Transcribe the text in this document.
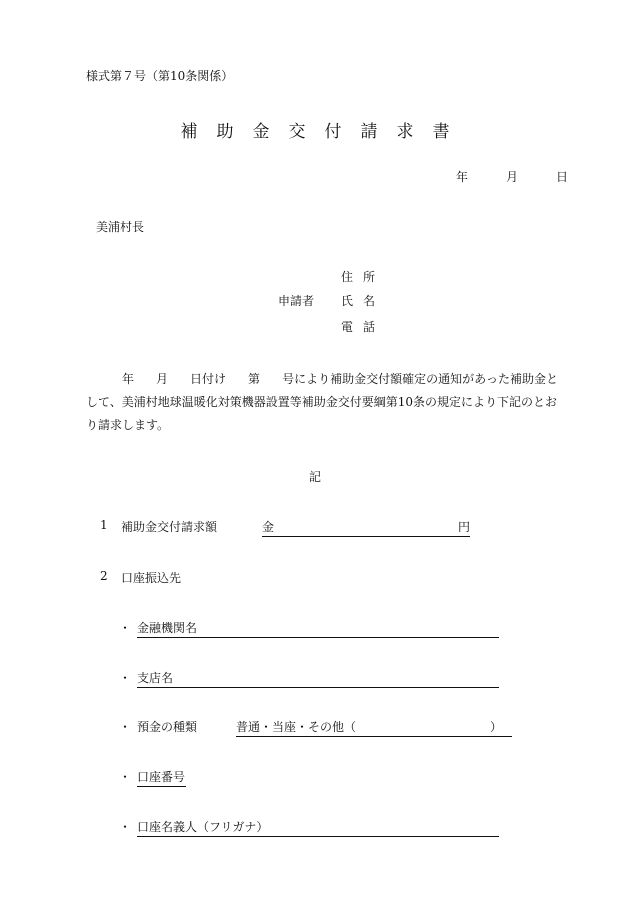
様式第７号（第10条関係）
補助金交付請求書
年	月	日
美浦村長
住所
申請者 氏名
電話
年 月 日付け 第 号により補助金交付額確定の通知があった補助金として、美浦村地球温暖化対策機器設置等補助金交付要綱第10条の規定により下記のとおり請求します。
記
1 補助金交付請求額	金	円
2 口座振込先
・ 金融機関名
・ 支店名
・ 預金の種類	普通・当座・その他（	）
・ 口座番号
・ 口座名義人（フリガナ）
